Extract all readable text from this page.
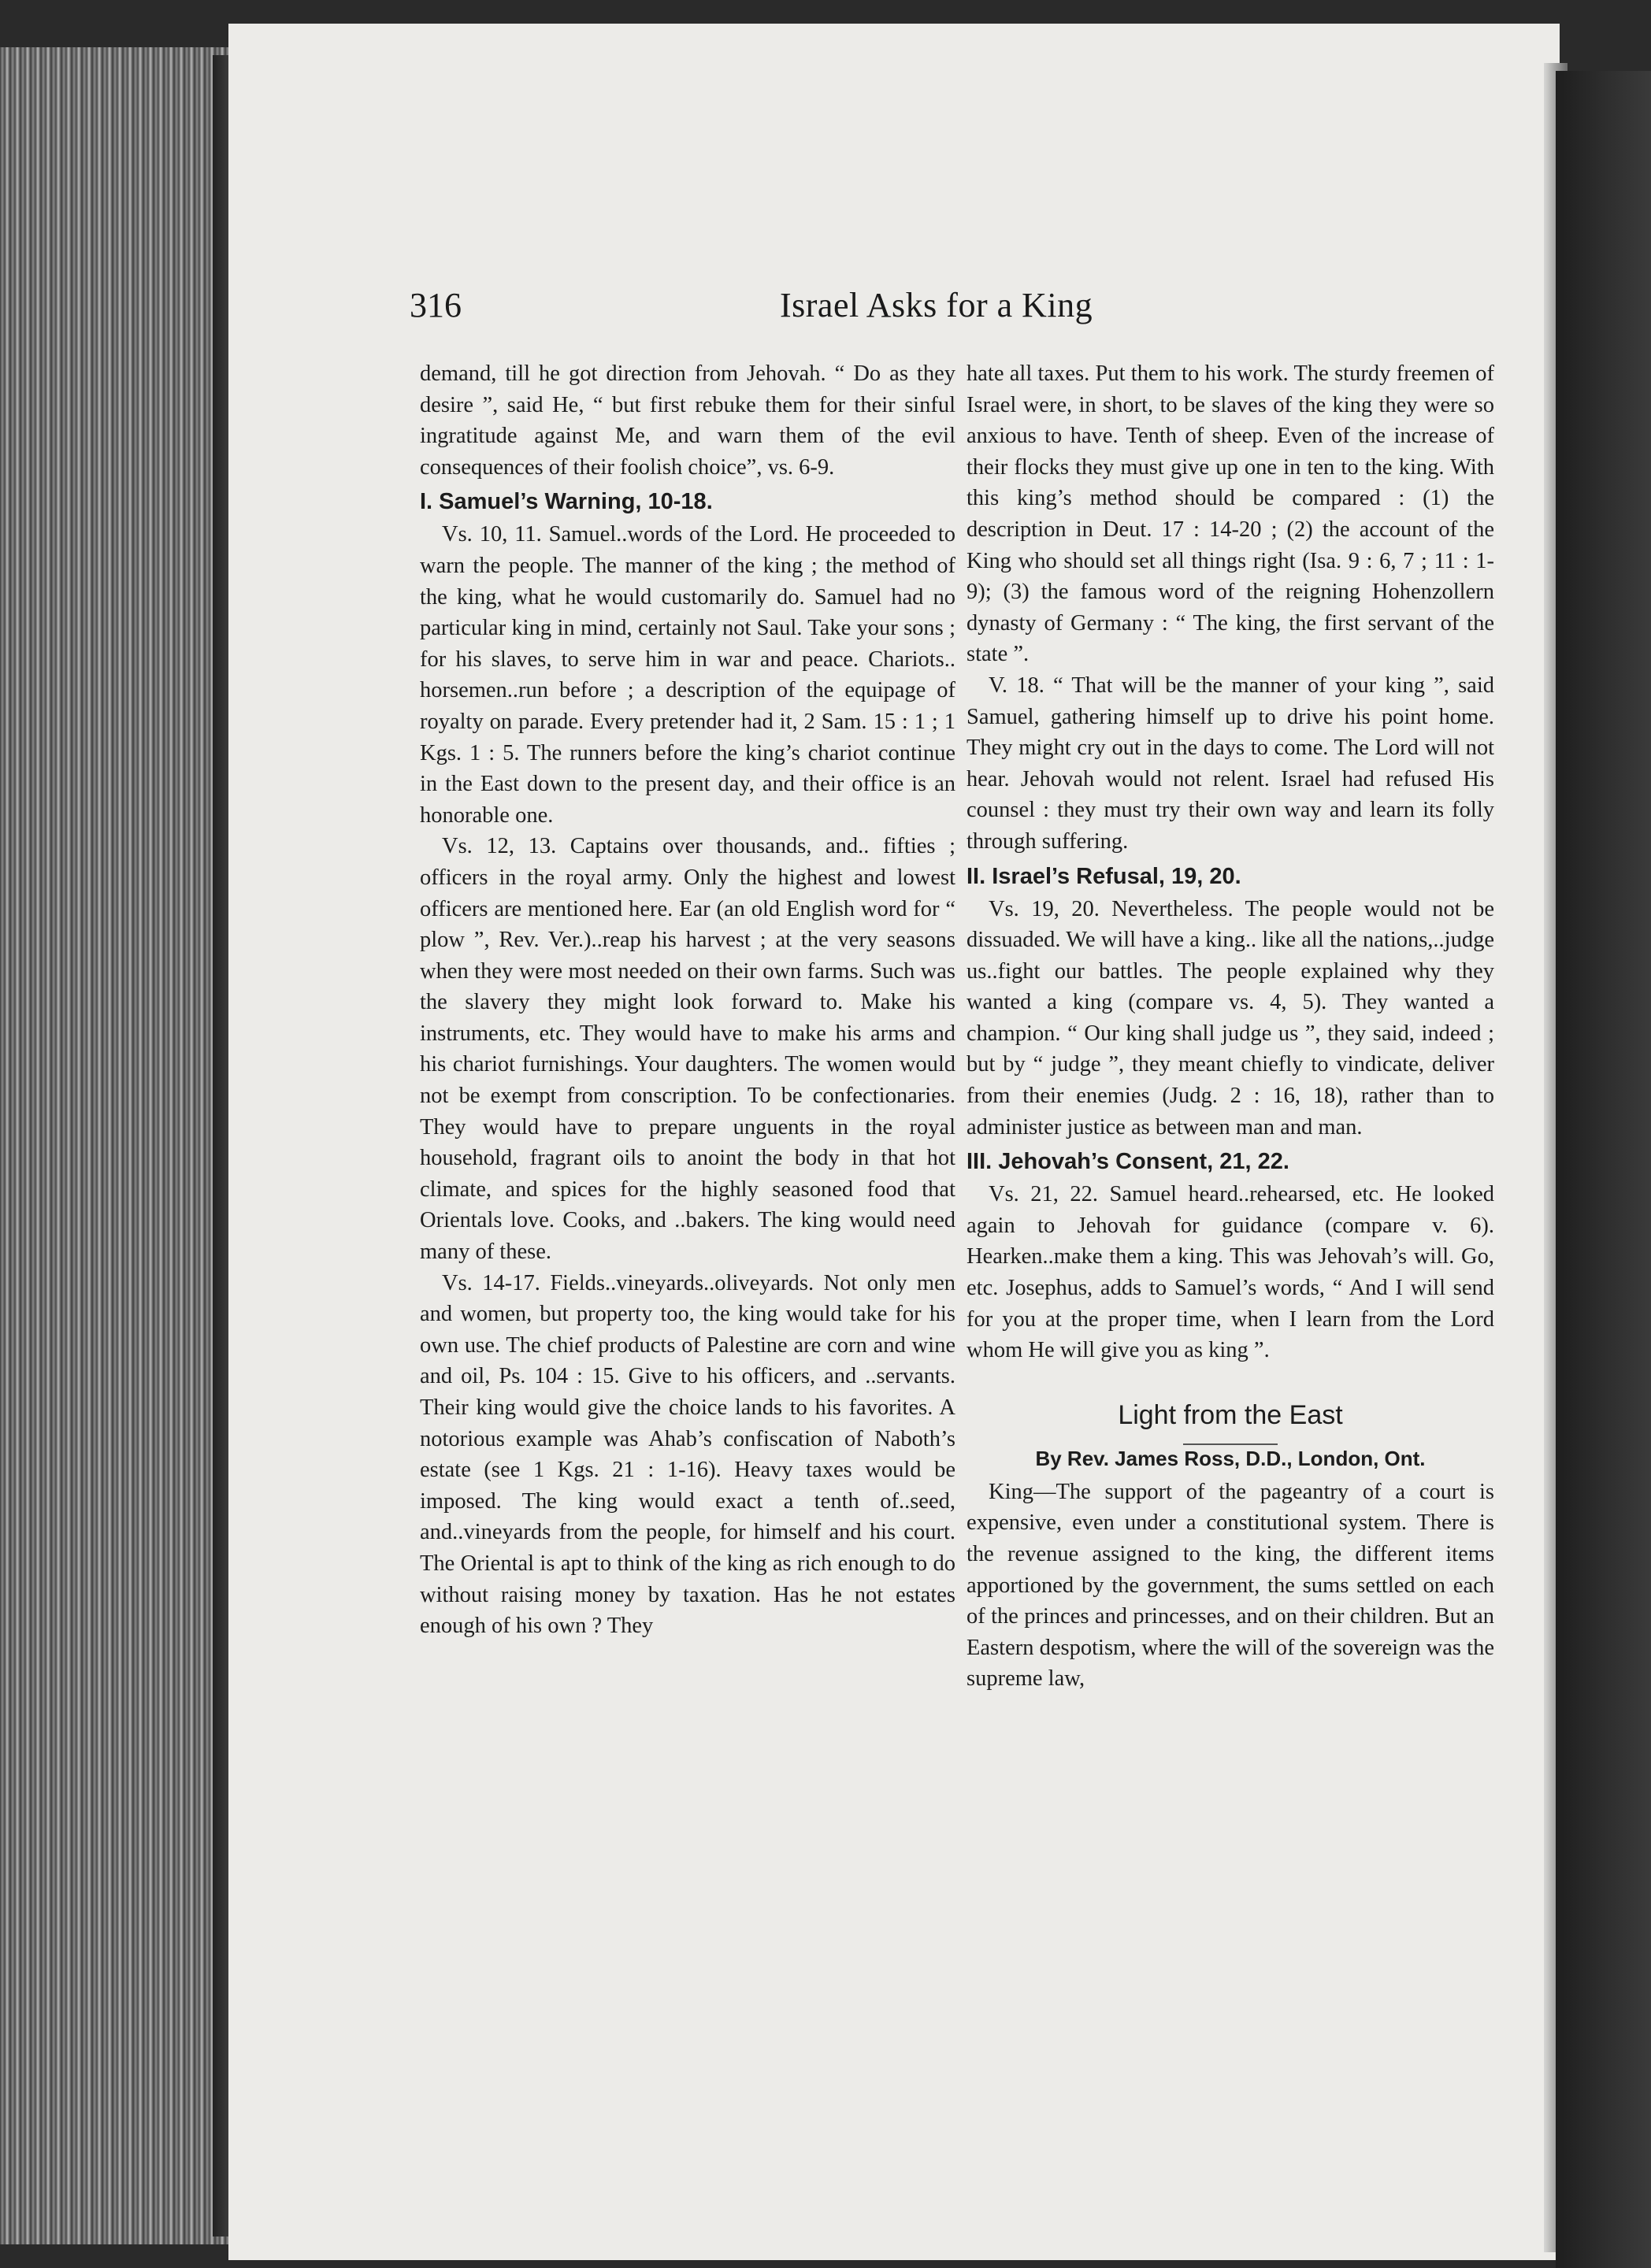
316	Israel Asks for a King

demand, till he got direction from Jehovah. “ Do as they desire ”, said He, “ but first rebuke them for their sinful ingratitude against Me, and warn them of the evil consequences of their foolish choice”, vs. 6-9.

I. Samuel’s Warning, 10-18.

Vs. 10, 11. Samuel..words of the Lord. He proceeded to warn the people. The manner of the king ; the method of the king, what he would customarily do. Samuel had no particular king in mind, certainly not Saul. Take your sons ; for his slaves, to serve him in war and peace. Chariots.. horsemen..run before ; a description of the equipage of royalty on parade. Every pretender had it, 2 Sam. 15 : 1 ; 1 Kgs. 1 : 5. The runners before the king’s chariot continue in the East down to the present day, and their office is an honorable one.

Vs. 12, 13. Captains over thousands, and.. fifties ; officers in the royal army. Only the highest and lowest officers are mentioned here. Ear (an old English word for “ plow ”, Rev. Ver.)..reap his harvest ; at the very seasons when they were most needed on their own farms. Such was the slavery they might look forward to. Make his instruments, etc. They would have to make his arms and his chariot furnishings. Your daughters. The women would not be exempt from conscription. To be confectionaries. They would have to prepare unguents in the royal household, fragrant oils to anoint the body in that hot climate, and spices for the highly seasoned food that Orientals love. Cooks, and ..bakers. The king would need many of these.

Vs. 14-17. Fields..vineyards..oliveyards. Not only men and women, but property too, the king would take for his own use. The chief products of Palestine are corn and wine and oil, Ps. 104 : 15. Give to his officers, and ..servants. Their king would give the choice lands to his favorites. A notorious example was Ahab’s confiscation of Naboth’s estate (see 1 Kgs. 21 : 1-16). Heavy taxes would be imposed. The king would exact a tenth of..seed, and..vineyards from the people, for himself and his court. The Oriental is apt to think of the king as rich enough to do without raising money by taxation. Has he not estates enough of his own ? They

hate all taxes. Put them to his work. The sturdy freemen of Israel were, in short, to be slaves of the king they were so anxious to have. Tenth of sheep. Even of the increase of their flocks they must give up one in ten to the king. With this king’s method should be compared : (1) the description in Deut. 17 : 14-20 ; (2) the account of the King who should set all things right (Isa. 9 : 6, 7 ; 11 : 1-9); (3) the famous word of the reigning Hohenzollern dynasty of Germany : “ The king, the first servant of the state ”.

V. 18. “ That will be the manner of your king ”, said Samuel, gathering himself up to drive his point home. They might cry out in the days to come. The Lord will not hear. Jehovah would not relent. Israel had refused His counsel : they must try their own way and learn its folly through suffering.

II. Israel’s Refusal, 19, 20.

Vs. 19, 20. Nevertheless. The people would not be dissuaded. We will have a king.. like all the nations,..judge us..fight our battles. The people explained why they wanted a king (compare vs. 4, 5). They wanted a champion. “ Our king shall judge us ”, they said, indeed ; but by “ judge ”, they meant chiefly to vindicate, deliver from their enemies (Judg. 2 : 16, 18), rather than to administer justice as between man and man.

III. Jehovah’s Consent, 21, 22.

Vs. 21, 22. Samuel heard..rehearsed, etc. He looked again to Jehovah for guidance (compare v. 6). Hearken..make them a king. This was Jehovah’s will. Go, etc. Josephus, adds to Samuel’s words, “ And I will send for you at the proper time, when I learn from the Lord whom He will give you as king ”.

Light from the East

By Rev. James Ross, D.D., London, Ont.

King—The support of the pageantry of a court is expensive, even under a constitutional system. There is the revenue assigned to the king, the different items apportioned by the government, the sums settled on each of the princes and princesses, and on their children. But an Eastern despotism, where the will of the sovereign was the supreme law,
